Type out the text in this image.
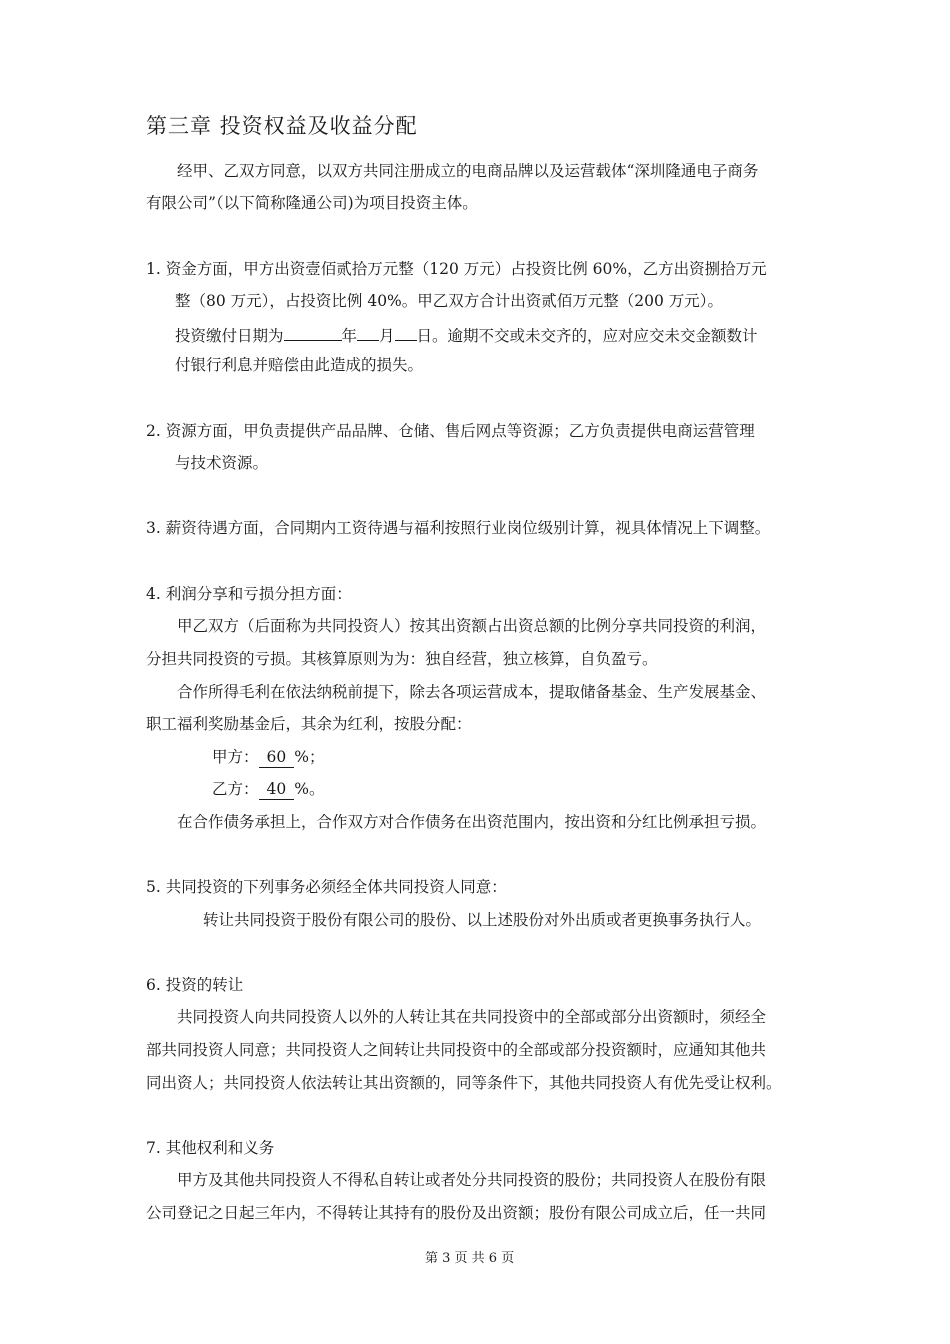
第三章 投资权益及收益分配
经甲、乙双方同意，以双方共同注册成立的电商品牌以及运营载体“深圳隆通电子商务
有限公司”（以下简称隆通公司)为项目投资主体。
1. 资金方面，甲方出资壹佰贰拾万元整（120 万元）占投资比例 60%，乙方出资捌拾万元
整（80 万元），占投资比例 40%。甲乙双方合计出资贰佰万元整（200 万元）。
投资缴付日期为	年 月 日。逾期不交或未交齐的，应对应交未交金额数计
付银行利息并赔偿由此造成的损失。
2. 资源方面，甲负责提供产品品牌、仓储、售后网点等资源；乙方负责提供电商运营管理
与技术资源。
3. 薪资待遇方面，合同期内工资待遇与福利按照行业岗位级别计算，视具体情况上下调整。
4. 利润分享和亏损分担方面：
甲乙双方（后面称为共同投资人）按其出资额占出资总额的比例分享共同投资的利润，
分担共同投资的亏损。其核算原则为为：独自经营，独立核算，自负盈亏。
合作所得毛利在依法纳税前提下，除去各项运营成本，提取储备基金、生产发展基金、
职工福利奖励基金后，其余为红利，按股分配：
甲方： 60 %；
乙方： 40 %。
在合作债务承担上，合作双方对合作债务在出资范围内，按出资和分红比例承担亏损。
5. 共同投资的下列事务必须经全体共同投资人同意：
转让共同投资于股份有限公司的股份、以上述股份对外出质或者更换事务执行人。
6. 投资的转让
共同投资人向共同投资人以外的人转让其在共同投资中的全部或部分出资额时，须经全
部共同投资人同意；共同投资人之间转让共同投资中的全部或部分投资额时，应通知其他共
同出资人；共同投资人依法转让其出资额的，同等条件下，其他共同投资人有优先受让权利。
7. 其他权利和义务
甲方及其他共同投资人不得私自转让或者处分共同投资的股份；共同投资人在股份有限
公司登记之日起三年内，不得转让其持有的股份及出资额；股份有限公司成立后，任一共同
第 3 页 共 6 页
